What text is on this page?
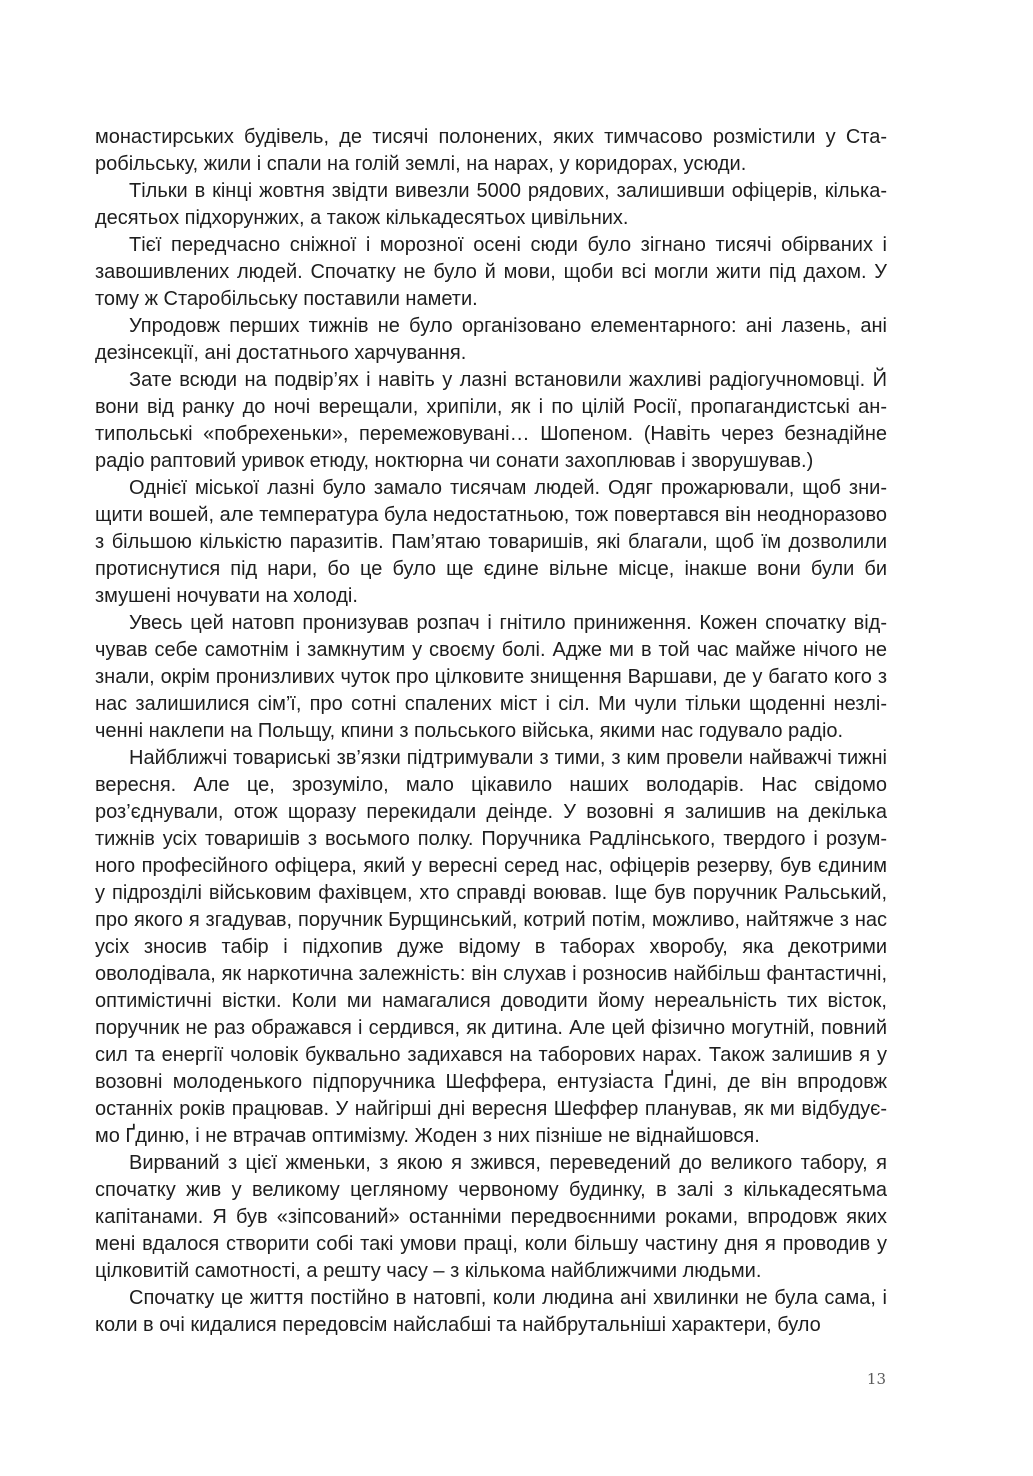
монастирських будівель, де тисячі полонених, яких тимчасово розмістили у Старобільську, жили і спали на голій землі, на нарах, у коридорах, усюди.

Тільки в кінці жовтня звідти вивезли 5000 рядових, залишивши офіцерів, кількадесятьох підхорунжих, а також кількадесятьох цивільних.

Тієї передчасно сніжної і морозної осені сюди було зігнано тисячі обірваних і завошивлених людей. Спочатку не було й мови, щоби всі могли жити під дахом. У тому ж Старобільську поставили намети.

Упродовж перших тижнів не було організовано елементарного: ані лазень, ані дезінсекції, ані достатнього харчування.

Зате всюди на подвір’ях і навіть у лазні встановили жахливі радіогучномовці. Й вони від ранку до ночі верещали, хрипіли, як і по цілій Росії, пропагандистські антипольські «побрехеньки», перемежовувані… Шопеном. (Навіть через безнадійне радіо раптовий уривок етюду, ноктюрна чи сонати захоплював і зворушував.)

Однієї міської лазні було замало тисячам людей. Одяг прожарювали, щоб знищити вошей, але температура була недостатньою, тож повертався він неодноразово з більшою кількістю паразитів. Пам’ятаю товаришів, які благали, щоб їм дозволили протиснутися під нари, бо це було ще єдине вільне місце, інакше вони були би змушені ночувати на холоді.

Увесь цей натовп пронизував розпач і гнітило приниження. Кожен спочатку відчував себе самотнім і замкнутим у своєму болі. Адже ми в той час майже нічого не знали, окрім пронизливих чуток про цілковите знищення Варшави, де у багато кого з нас залишилися сім’ї, про сотні спалених міст і сіл. Ми чули тільки щоденні незліченні наклепи на Польщу, кпини з польського війська, якими нас годувало радіо.

Найближчі товариські зв’язки підтримували з тими, з ким провели найважчі тижні вересня. Але це, зрозуміло, мало цікавило наших володарів. Нас свідомо роз’єднували, отож щоразу перекидали деінде. У возовні я залишив на декілька тижнів усіх товаришів з восьмого полку. Поручника Радлінського, твердого і розумного професійного офіцера, який у вересні серед нас, офіцерів резерву, був єдиним у підрозділі військовим фахівцем, хто справді воював. Іще був поручник Ральський, про якого я згадував, поручник Бурщинський, котрий потім, можливо, найтяжче з нас усіх зносив табір і підхопив дуже відому в таборах хворобу, яка декотрими оволодівала, як наркотична залежність: він слухав і розносив найбільш фантастичні, оптимістичні вістки. Коли ми намагалися доводити йому нереальність тих вісток, поручник не раз ображався і сердився, як дитина. Але цей фізично могутній, повний сил та енергії чоловік буквально задихався на таборових нарах. Також залишив я у возовні молоденького підпоручника Шеффера, ентузіаста Ґдині, де він впродовж останніх років працював. У найгірші дні вересня Шеффер планував, як ми відбудуємо Ґдиню, і не втрачав оптимізму. Жоден з них пізніше не віднайшовся.

Вирваний з цієї жменьки, з якою я зжився, переведений до великого табору, я спочатку жив у великому цегляному червоному будинку, в залі з кількадесятьма капітанами. Я був «зіпсований» останніми передвоєнними роками, впродовж яких мені вдалося створити собі такі умови праці, коли більшу частину дня я проводив у цілковитій самотності, а решту часу – з кількома найближчими людьми.

Спочатку це життя постійно в натовпі, коли людина ані хвилинки не була сама, і коли в очі кидалися передовсім найслабші та найбрутальніші характери, було

13
